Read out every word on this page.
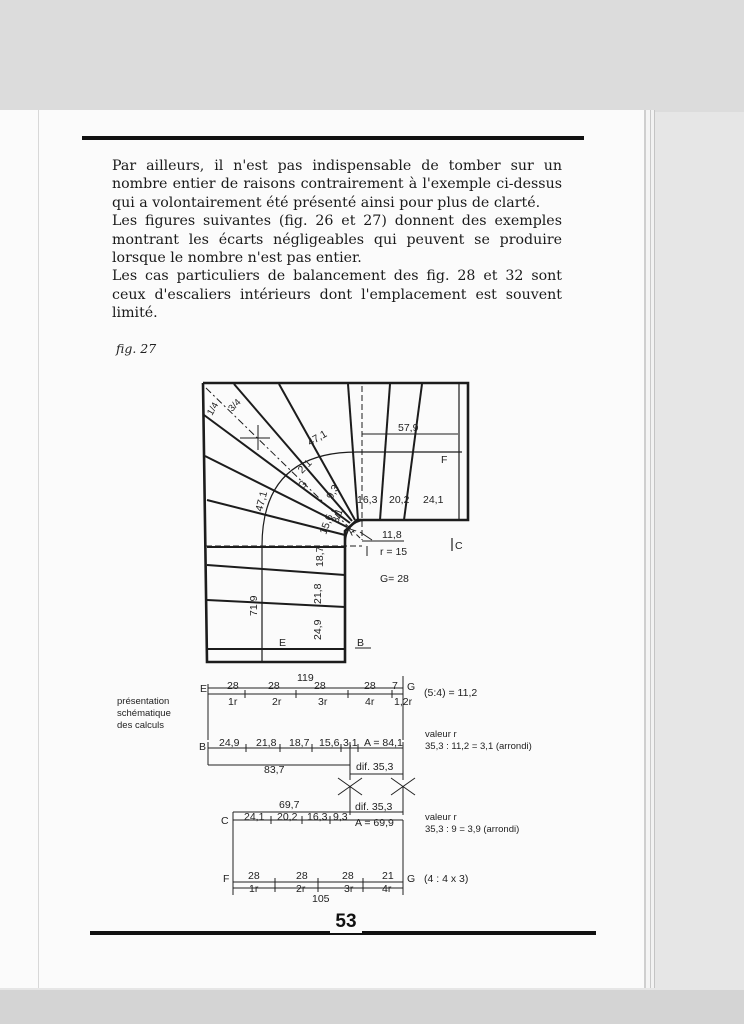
Par ailleurs, il n'est pas indispensable de tomber sur un nombre entier de raisons contrairement à l'exemple ci-dessus qui a volontairement été présenté ainsi pour plus de clarté.

Les figures suivantes (fig. 26 et 27) donnent des exemples montrant les écarts négligeables qui peuvent se produire lorsque le nombre n'est pas entier.

Les cas particuliers de balancement des fig. 28 et 32 sont ceux d'escaliers intérieurs dont l'emplacement est souvent limité.

fig. 27
1/4 3/4
47,1	57,9
F
2,1
G 9,3 16,3 20,2 24,1
47,1
15,6
3,1
A 11,8
r = 15	C
18,7
G= 28
71,9
21,8
24,9
E	B
présentation
schématique
des calculs
E	G
119
28	28	28	28 7
1r	2r	3r	4r 1,2r
(5:4) = 11,2
B 24,9 21,8 18,7 15,6 3,1 A = 84,1
83,7	dif. 35,3
valeur r
35,3 : 11,2 = 3,1 (arrondi)
C
69,7
24,1 20,2 16,3 9,3
dif. 35,3
A = 69,9	valeur r
35,3 : 9 = 3,9 (arrondi)
F	G
28	28	28	21
1r	2r	3r	4r
105
(4 : 4 x 3)
53
